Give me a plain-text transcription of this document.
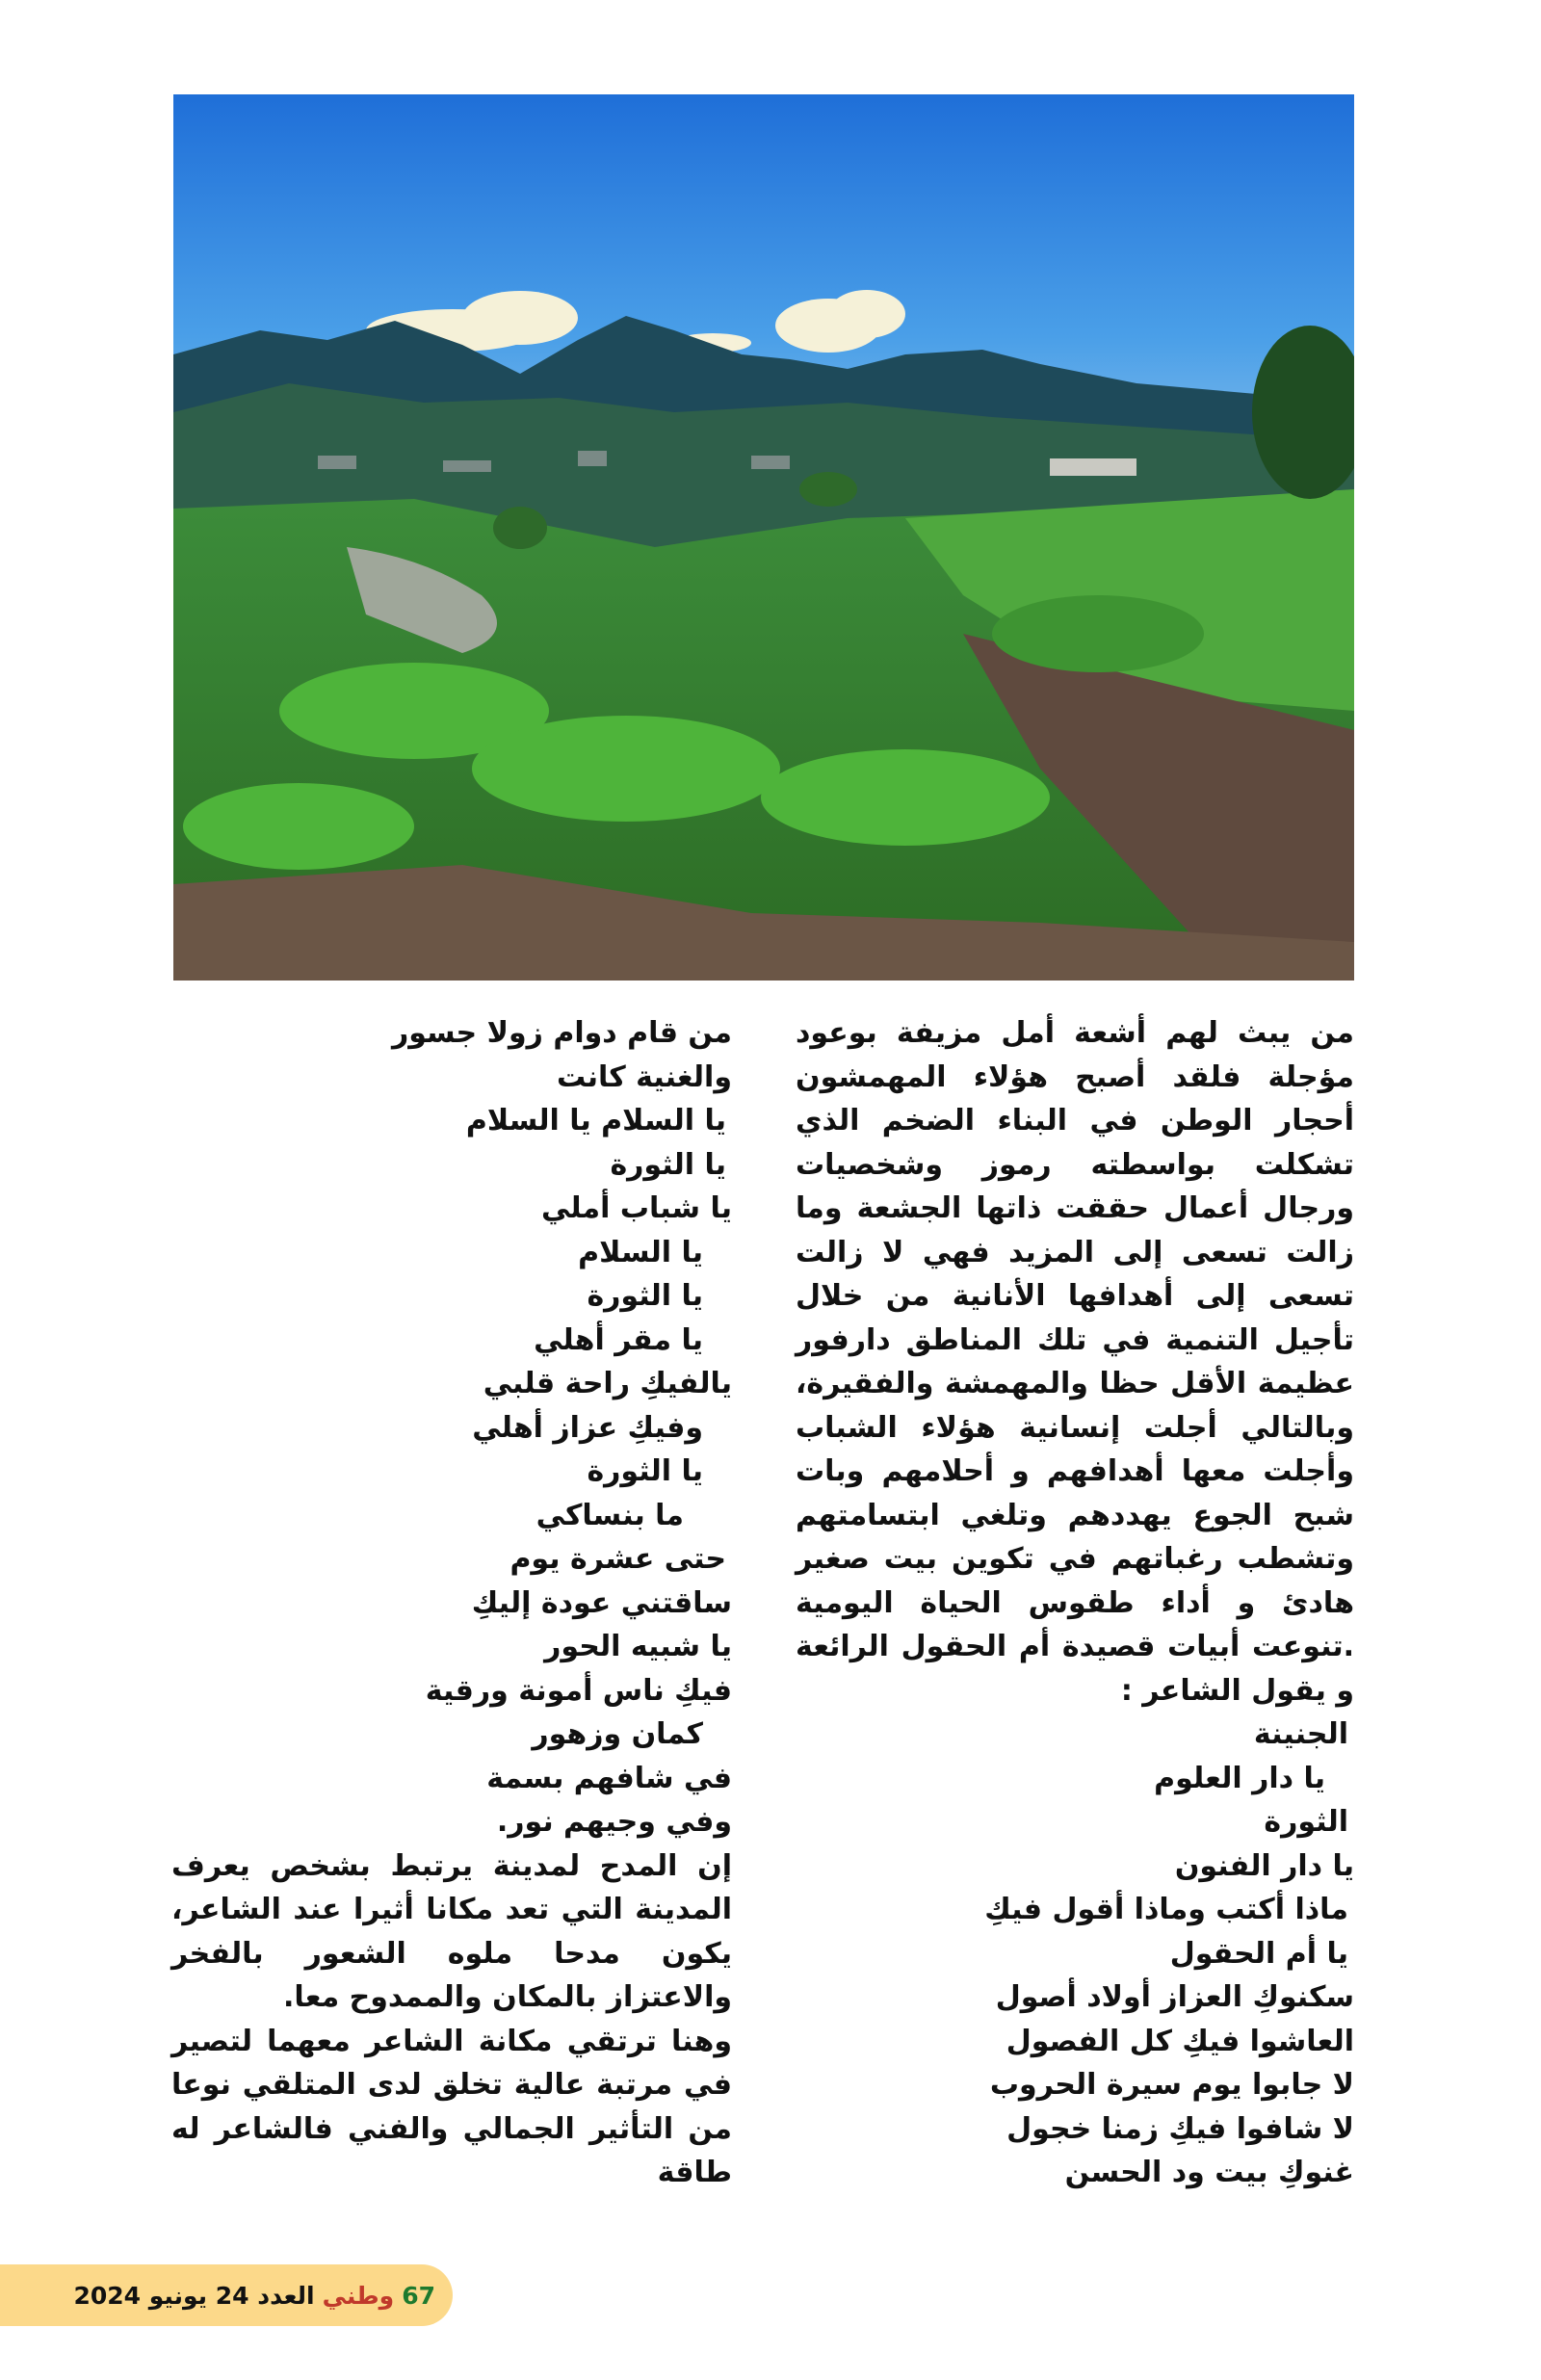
من يبث لهم أشعة أمل مزيفة بوعود مؤجلة فلقد أصبح هؤلاء المهمشون أحجار الوطن في البناء الضخم الذي تشكلت بواسطته رموز وشخصيات ورجال أعمال حققت ذاتها الجشعة وما زالت تسعى إلى المزيد فهي لا زالت تسعى إلى أهدافها الأنانية من خلال تأجيل التنمية في تلك المناطق دارفور عظيمة الأقل حظا والمهمشة والفقيرة، وبالتالي أجلت إنسانية هؤلاء الشباب وأجلت معها أهدافهم و أحلامهم وبات شبح الجوع يهددهم وتلغي ابتسامتهم وتشطب رغباتهم في تكوين بيت صغير هادئ و أداء طقوس الحياة اليومية .تنوعت أبيات قصيدة أم الحقول الرائعة و يقول الشاعر :

الجنينة
يا دار العلوم
الثورة
يا دار الفنون
ماذا أكتب وماذا أقول فيكِ
يا أم الحقول
سكنوكِ العزاز أولاد أصول
العاشوا فيكِ كل الفصول
لا جابوا يوم سيرة الحروب
لا شافوا فيكِ زمنا خجول
غنوكِ بيت ود الحسن
من قام دوام زولا جسور
والغنية كانت
يا السلام يا السلام
يا الثورة
يا شباب أملي
يا السلام
يا الثورة
يا مقر أهلي
يالفيكِ راحة قلبي
وفيكِ عزاز أهلي
يا الثورة
ما بنساكي
حتى عشرة يوم
ساقتني عودة إليكِ
يا شبيه الحور
فيكِ ناس أمونة ورقية
كمان وزهور
في شافهم بسمة
وفي وجيهم نور.

إن المدح لمدينة يرتبط بشخص يعرف المدينة التي تعد مكانا أثيرا عند الشاعر، يكون مدحا ملوه الشعور بالفخر والاعتزاز بالمكان والممدوح معا.

وهنا ترتقي مكانة الشاعر معهما لتصير في مرتبة عالية تخلق لدى المتلقي نوعا من التأثير الجمالي والفني فالشاعر له طاقة

العدد 24 يونيو 2024 وطني 67
